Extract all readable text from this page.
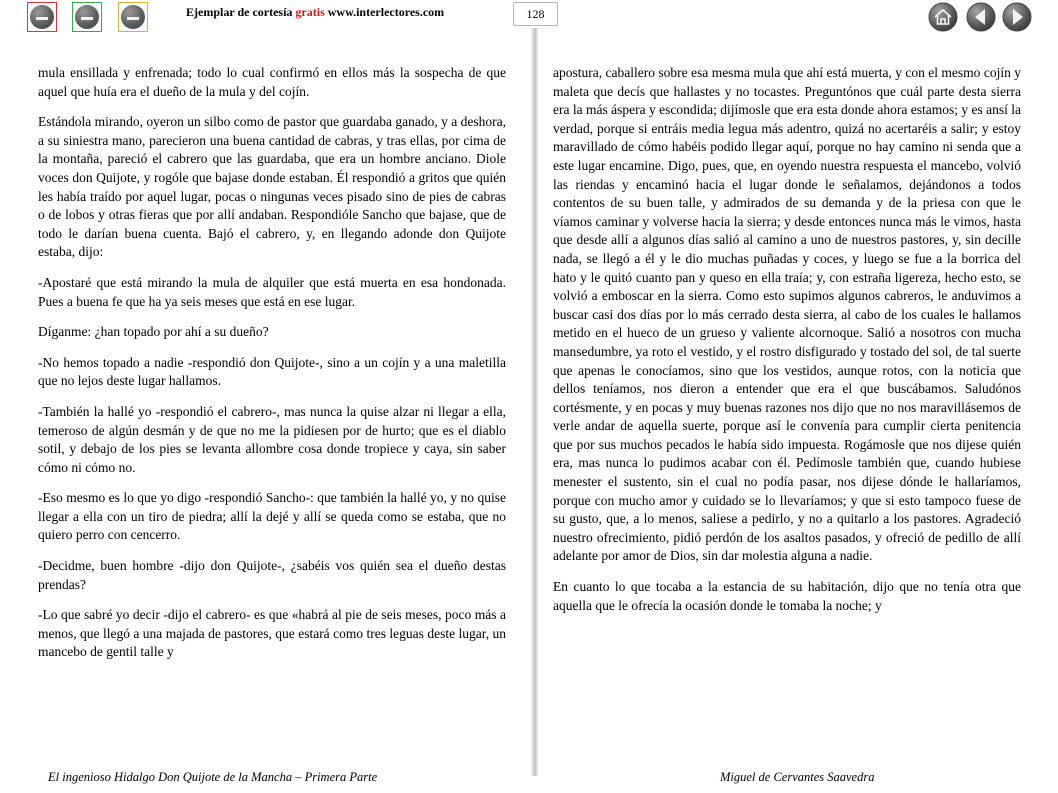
Ejemplar de cortesía gratis www.interlectores.com	128

mula ensillada y enfrenada; todo lo cual confirmó en ellos más la sospecha de que aquel que huía era el dueño de la mula y del cojín.

Estándola mirando, oyeron un silbo como de pastor que guardaba ganado, y a deshora, a su siniestra mano, parecieron una buena cantidad de cabras, y tras ellas, por cima de la montaña, pareció el cabrero que las guardaba, que era un hombre anciano. Diole voces don Quijote, y rogóle que bajase donde estaban. Él respondió a gritos que quién les había traído por aquel lugar, pocas o ningunas veces pisado sino de pies de cabras o de lobos y otras fieras que por allí andaban. Respondióle Sancho que bajase, que de todo le darían buena cuenta. Bajó el cabrero, y, en llegando adonde don Quijote estaba, dijo:

-Apostaré que está mirando la mula de alquiler que está muerta en esa hondonada. Pues a buena fe que ha ya seis meses que está en ese lugar.

Díganme: ¿han topado por ahí a su dueño?

-No hemos topado a nadie -respondió don Quijote-, sino a un cojín y a una maletilla que no lejos deste lugar hallamos.

-También la hallé yo -respondió el cabrero-, mas nunca la quise alzar ni llegar a ella, temeroso de algún desmán y de que no me la pidiesen por de hurto; que es el diablo sotil, y debajo de los pies se levanta allombre cosa donde tropiece y caya, sin saber cómo ni cómo no.

-Eso mesmo es lo que yo digo -respondió Sancho-: que también la hallé yo, y no quise llegar a ella con un tiro de piedra; allí la dejé y allí se queda como se estaba, que no quiero perro con cencerro.

-Decidme, buen hombre -dijo don Quijote-, ¿sabéis vos quién sea el dueño destas prendas?

-Lo que sabré yo decir -dijo el cabrero- es que «habrá al pie de seis meses, poco más a menos, que llegó a una majada de pastores, que estará como tres leguas deste lugar, un mancebo de gentil talle y

apostura, caballero sobre esa mesma mula que ahí está muerta, y con el mesmo cojín y maleta que decís que hallastes y no tocastes. Preguntónos que cuál parte desta sierra era la más áspera y escondida; dijímosle que era esta donde ahora estamos; y es ansí la verdad, porque si entráis media legua más adentro, quizá no acertaréis a salir; y estoy maravillado de cómo habéis podido llegar aquí, porque no hay camino ni senda que a este lugar encamine. Digo, pues, que, en oyendo nuestra respuesta el mancebo, volvió las riendas y encaminó hacia el lugar donde le señalamos, dejándonos a todos contentos de su buen talle, y admirados de su demanda y de la priesa con que le víamos caminar y volverse hacia la sierra; y desde entonces nunca más le vimos, hasta que desde allí a algunos días salió al camino a uno de nuestros pastores, y, sin decille nada, se llegó a él y le dio muchas puñadas y coces, y luego se fue a la borrica del hato y le quitó cuanto pan y queso en ella traía; y, con estraña ligereza, hecho esto, se volvió a emboscar en la sierra. Como esto supimos algunos cabreros, le anduvimos a buscar casi dos días por lo más cerrado desta sierra, al cabo de los cuales le hallamos metido en el hueco de un grueso y valiente alcornoque. Salió a nosotros con mucha mansedumbre, ya roto el vestido, y el rostro disfigurado y tostado del sol, de tal suerte que apenas le conocíamos, sino que los vestidos, aunque rotos, con la noticia que dellos teníamos, nos dieron a entender que era el que buscábamos. Saludónos cortésmente, y en pocas y muy buenas razones nos dijo que no nos maravillásemos de verle andar de aquella suerte, porque así le convenía para cumplir cierta penitencia que por sus muchos pecados le había sido impuesta. Rogámosle que nos dijese quién era, mas nunca lo pudimos acabar con él. Pedímosle también que, cuando hubiese menester el sustento, sin el cual no podía pasar, nos dijese dónde le hallaríamos, porque con mucho amor y cuidado se lo llevaríamos; y que si esto tampoco fuese de su gusto, que, a lo menos, saliese a pedirlo, y no a quitarlo a los pastores. Agradeció nuestro ofrecimiento, pidió perdón de los asaltos pasados, y ofreció de pedillo de allí adelante por amor de Dios, sin dar molestia alguna a nadie.

En cuanto lo que tocaba a la estancia de su habitación, dijo que no tenía otra que aquella que le ofrecía la ocasión donde le tomaba la noche; y

El ingenioso Hidalgo Don Quijote de la Mancha – Primera Parte	Miguel de Cervantes Saavedra
